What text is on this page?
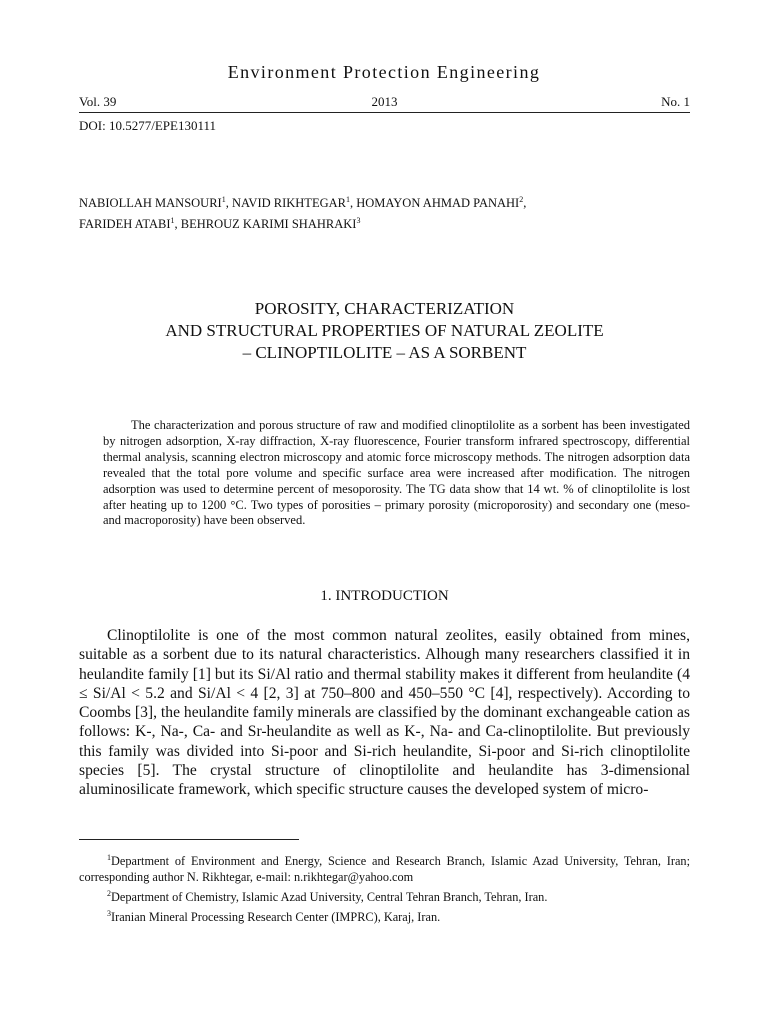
Environment Protection Engineering
Vol. 39	2013	No. 1
DOI: 10.5277/EPE130111
NABIOLLAH MANSOURI$^1$, NAVID RIKHTEGAR$^1$, HOMAYON AHMAD PANAHI$^2$,
FARIDEH ATABI$^1$, BEHROUZ KARIMI SHAHRAKI$^3$
POROSITY, CHARACTERIZATION
AND STRUCTURAL PROPERTIES OF NATURAL ZEOLITE
– CLINOPTILOLITE – AS A SORBENT

The characterization and porous structure of raw and modified clinoptilolite as a sorbent has been investigated by nitrogen adsorption, X-ray diffraction, X-ray fluorescence, Fourier transform infrared spectroscopy, differential thermal analysis, scanning electron microscopy and atomic force microscopy methods. The nitrogen adsorption data revealed that the total pore volume and specific surface area were increased after modification. The nitrogen adsorption was used to determine percent of mesoporosity. The TG data show that 14 wt. % of clinoptilolite is lost after heating up to 1200 °C. Two types of porosities – primary porosity (microporosity) and secondary one (meso- and macroporosity) have been observed.

1. INTRODUCTION

Clinoptilolite is one of the most common natural zeolites, easily obtained from mines, suitable as a sorbent due to its natural characteristics. Alhough many researchers classified it in heulandite family [1] but its Si/Al ratio and thermal stability makes it different from heulandite (4 ≤ Si/Al < 5.2 and Si/Al < 4 [2, 3] at 750–800 and 450–550 °C [4], respectively). According to Coombs [3], the heulandite family minerals are classified by the dominant exchangeable cation as follows: K-, Na-, Ca- and Sr-heulandite as well as K-, Na- and Ca-clinoptilolite. But previously this family was divided into Si-poor and Si-rich heulandite, Si-poor and Si-rich clinoptilolite species [5]. The crystal structure of clinoptilolite and heulandite has 3-dimensional aluminosilicate framework, which specific structure causes the developed system of micro-

$^1$Department of Environment and Energy, Science and Research Branch, Islamic Azad University, Tehran, Iran; corresponding author N. Rikhtegar, e-mail: n.rikhtegar@yahoo.com

$^2$Department of Chemistry, Islamic Azad University, Central Tehran Branch, Tehran, Iran.

$^3$Iranian Mineral Processing Research Center (IMPRC), Karaj, Iran.
